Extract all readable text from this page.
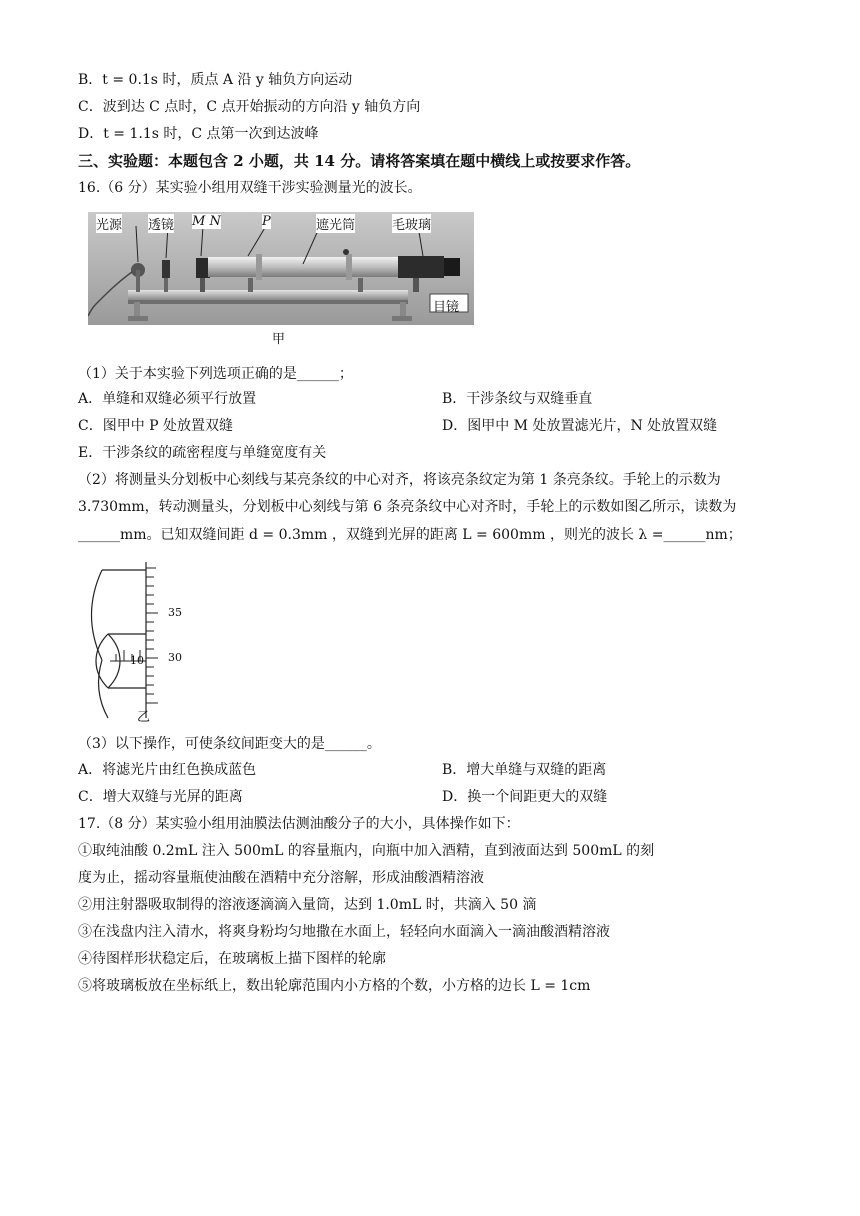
B．t = 0.1s 时，质点 A 沿 y 轴负方向运动
C．波到达 C 点时，C 点开始振动的方向沿 y 轴负方向
D．t = 1.1s 时，C 点第一次到达波峰
三、实验题：本题包含 2 小题，共 14 分。请将答案填在题中横线上或按要求作答。
16.（6 分）某实验小组用双缝干涉实验测量光的波长。
光源 透镜 M N	P	遮光筒	毛玻璃
目镜
甲
（1）关于本实验下列选项正确的是______；
A．单缝和双缝必须平行放置	B．干涉条纹与双缝垂直
C．图甲中 P 处放置双缝	D．图甲中 M 处放置滤光片，N 处放置双缝
E．干涉条纹的疏密程度与单缝宽度有关
（2）将测量头分划板中心刻线与某亮条纹的中心对齐，将该亮条纹定为第 1 条亮条纹。手轮上的示数为
3.730mm，转动测量头，分划板中心刻线与第 6 条亮条纹中心对齐时，手轮上的示数如图乙所示，读数为
______mm。已知双缝间距 d = 0.3mm ，双缝到光屏的距离 L = 600mm ，则光的波长 λ =______nm；
35
30
10
乙
（3）以下操作，可使条纹间距变大的是______。
A．将滤光片由红色换成蓝色	B．增大单缝与双缝的距离
C．增大双缝与光屏的距离	D．换一个间距更大的双缝
17.（8 分）某实验小组用油膜法估测油酸分子的大小，具体操作如下：
①取纯油酸 0.2mL 注入 500mL 的容量瓶内，向瓶中加入酒精，直到液面达到 500mL 的刻
度为止，摇动容量瓶使油酸在酒精中充分溶解，形成油酸酒精溶液
②用注射器吸取制得的溶液逐滴滴入量筒，达到 1.0mL 时，共滴入 50 滴
③在浅盘内注入清水，将爽身粉均匀地撒在水面上，轻轻向水面滴入一滴油酸酒精溶液
④待图样形状稳定后，在玻璃板上描下图样的轮廓
⑤将玻璃板放在坐标纸上，数出轮廓范围内小方格的个数，小方格的边长 L = 1cm
